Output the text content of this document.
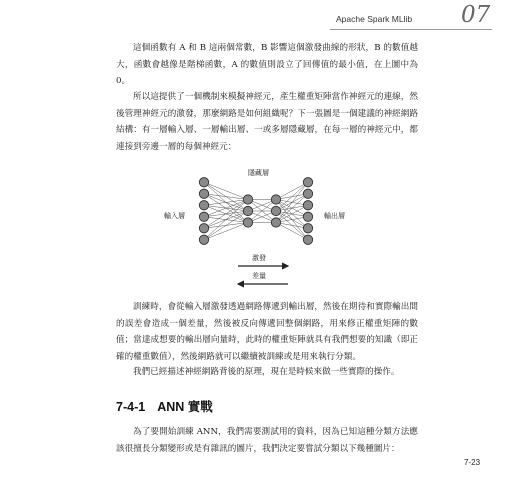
Apache Spark MLlib 07

這個函數有 A 和 B 這兩個常數，B 影響這個激發曲線的形狀，B 的數值越大，函數會越像是階梯函數，A 的數值則設立了回傳值的最小值，在上圖中為 0。

所以這提供了一個機制來模擬神經元，產生權重矩陣當作神經元的連線，然後管理神經元的激發，那麼網路是如何組織呢？下一張圖是一個建議的神經網路結構：有一層輸入層、一層輸出層、一或多層隱藏層，在每一層的神經元中，都連接到旁邊一層的每個神經元：

隱藏層
輸入層	輸出層
激發
差量

訓練時，會從輸入層激發透過網路傳遞到輸出層，然後在期待和實際輸出間的誤差會造成一個差量，然後被反向傳遞回整個網路，用來修正權重矩陣的數值；當達成想要的輸出層向量時，此時的權重矩陣就具有我們想要的知識（即正確的權重數值），然後網路就可以繼續被訓練或是用來執行分類。

我們已經描述神經網路背後的原理，現在是時候來做一些實際的操作。

7-4-1 ANN 實戰

為了要開始訓練 ANN，我們需要測試用的資料，因為已知這種分類方法應該很擅長分類變形或是有雜訊的圖片，我們決定要嘗試分類以下幾種圖片：

7-23
